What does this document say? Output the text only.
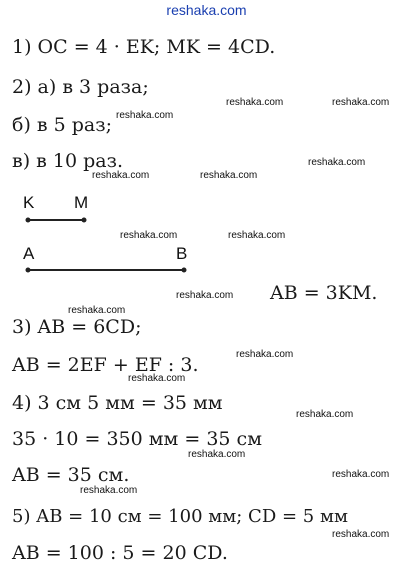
reshaka.com
1) OC = 4 · EK; MK = 4CD.
2) а) в 3 раза;
б) в 5 раз;
в) в 10 раз.
K M
A	B
AB = 3KM.
3) AB = 6CD;
AB = 2EF + EF : 3.
4) 3 см 5 мм = 35 мм
35 · 10 = 350 мм = 35 см
AB = 35 см.
5) AB = 10 см = 100 мм; CD = 5 мм
AB = 100 : 5 = 20 CD.
reshaka.com	reshaka.com
reshaka.com
reshaka.com
reshaka.com	reshaka.com
reshaka.com	reshaka.com
reshaka.com
reshaka.com
reshaka.com
reshaka.com
reshaka.com
reshaka.com
reshaka.com
reshaka.com
reshaka.com
